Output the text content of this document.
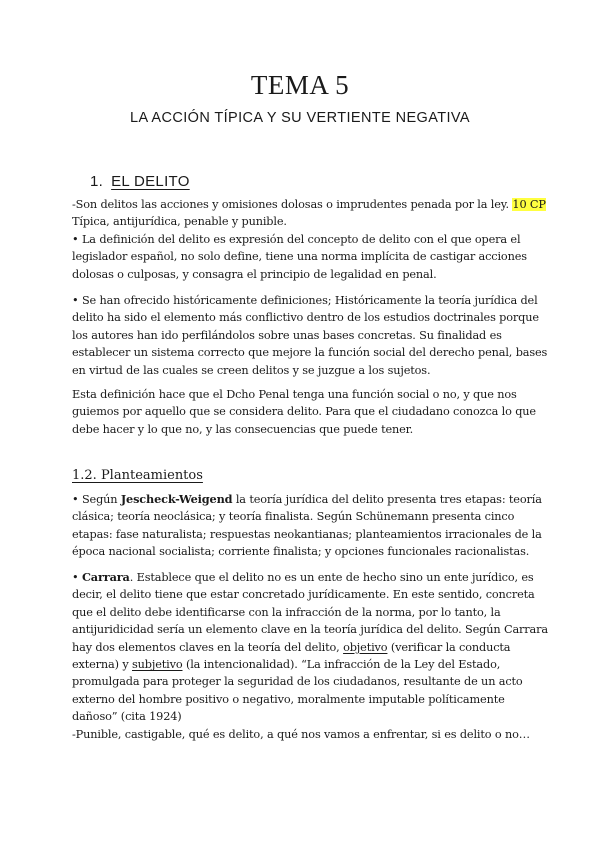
TEMA 5
LA ACCIÓN TÍPICA Y SU VERTIENTE NEGATIVA
1. EL DELITO
-Son delitos las acciones y omisiones dolosas o imprudentes penada por la ley. 10 CP
Típica, antijurídica, penable y punible.
• La definición del delito es expresión del concepto de delito con el que opera el
legislador español, no solo define, tiene una norma implícita de castigar acciones
dolosas o culposas, y consagra el principio de legalidad en penal.
• Se han ofrecido históricamente definiciones; Históricamente la teoría jurídica del
delito ha sido el elemento más conflictivo dentro de los estudios doctrinales porque
los autores han ido perfilándolos sobre unas bases concretas. Su finalidad es
establecer un sistema correcto que mejore la función social del derecho penal, bases
en virtud de las cuales se creen delitos y se juzgue a los sujetos.
Esta definición hace que el Dcho Penal tenga una función social o no, y que nos
guiemos por aquello que se considera delito. Para que el ciudadano conozca lo que
debe hacer y lo que no, y las consecuencias que puede tener.
1.2. Planteamientos
• Según Jescheck-Weigend la teoría jurídica del delito presenta tres etapas: teoría
clásica; teoría neoclásica; y teoría finalista. Según Schünemann presenta cinco
etapas: fase naturalista; respuestas neokantianas; planteamientos irracionales de la
época nacional socialista; corriente finalista; y opciones funcionales racionalistas.
• Carrara. Establece que el delito no es un ente de hecho sino un ente jurídico, es
decir, el delito tiene que estar concretado jurídicamente. En este sentido, concreta
que el delito debe identificarse con la infracción de la norma, por lo tanto, la
antijuridicidad sería un elemento clave en la teoría jurídica del delito. Según Carrara
hay dos elementos claves en la teoría del delito, objetivo (verificar la conducta
externa) y subjetivo (la intencionalidad). “La infracción de la Ley del Estado,
promulgada para proteger la seguridad de los ciudadanos, resultante de un acto
externo del hombre positivo o negativo, moralmente imputable políticamente
dañoso” (cita 1924)
-Punible, castigable, qué es delito, a qué nos vamos a enfrentar, si es delito o no…
